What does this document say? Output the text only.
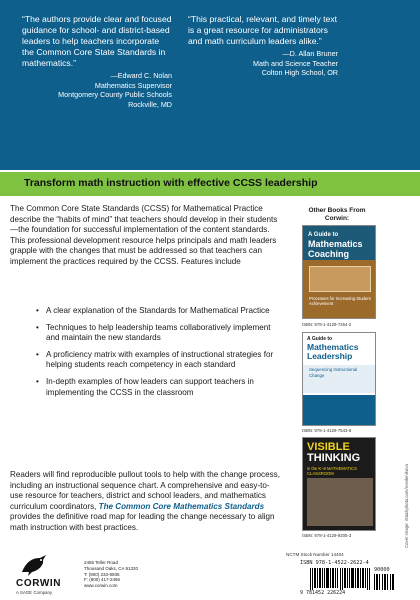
“The authors provide clear and focused guidance for school- and district-based leaders to help teachers incorporate the Common Core State Standards in mathematics.”
—Edward C. Nolan
Mathematics Supervisor
Montgomery County Public Schools
Rockville, MD
“This practical, relevant, and timely text is a great resource for administrators and math curriculum leaders alike.”
—D. Allan Bruner
Math and Science Teacher
Colton High School, OR
Transform math instruction with effective CCSS leadership

The Common Core State Standards (CCSS) for Mathematical Practice describe the “habits of mind” that teachers should develop in their students—the foundation for successful implementation of the content standards. This professional development resource helps principals and math leaders grapple with the changes that must be addressed so that teachers can implement the practices required by the CCSS. Features include

• A clear explanation of the Standards for Mathematical Practice
• Techniques to help leadership teams collaboratively implement and maintain the new standards
• A proficiency matrix with examples of instructional strategies for helping students reach competency in each standard
• In-depth examples of how leaders can support teachers in implementing the CCSS in the classroom

Readers will find reproducible pullout tools to help with the change process, including an instructional sequence chart. A comprehensive and easy-to-use resource for teachers, district and school leaders, and mathematics curriculum coordinators, The Common Core Mathematics Standards provides the definitive road map for leading the change necessary to align math instruction with best practices.

Other Books From Corwin:
A Guide to
Mathematics Coaching
Processes for Increasing Student Achievement
ISBN: 978-1-4129-7264-2
A Guide to
Mathematics Leadership
Sequencing Instructional Change
ISBN: 978-1-4129-7543-8
VISIBLE
THINKING
in the K–8 MATHEMATICS CLASSROOM
ISBN: 978-1-4129-9205-3	Cover image: iStockphoto.com/nvedenikova
CORWIN
A SAGE Company
2455 Teller Road
Thousand Oaks, CA 91320
T: (800) 233-9936
F: (800) 417-2466
www.corwin.com
NCTM Stock Number 14404
ISBN 978-1-4522-2622-4
90000
9 781452 226224
